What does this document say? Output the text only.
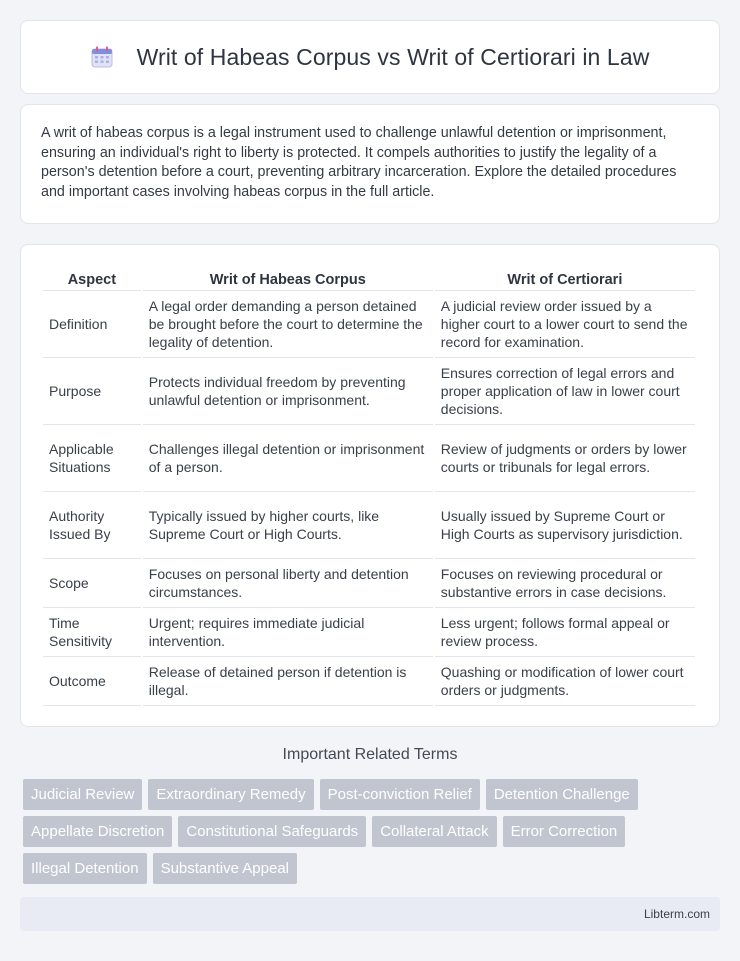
Writ of Habeas Corpus vs Writ of Certiorari in Law

A writ of habeas corpus is a legal instrument used to challenge unlawful detention or imprisonment, ensuring an individual's right to liberty is protected. It compels authorities to justify the legality of a person's detention before a court, preventing arbitrary incarceration. Explore the detailed procedures and important cases involving habeas corpus in the full article.

Aspect	Writ of Habeas Corpus	Writ of Certiorari
Definition	A legal order demanding a person detained be brought before the court to determine the legality of detention.	A judicial review order issued by a higher court to a lower court to send the record for examination.
Purpose	Protects individual freedom by preventing unlawful detention or imprisonment.	Ensures correction of legal errors and proper application of law in lower court decisions.
Applicable Situations	Challenges illegal detention or imprisonment of a person.	Review of judgments or orders by lower courts or tribunals for legal errors.
Authority Issued By	Typically issued by higher courts, like Supreme Court or High Courts.	Usually issued by Supreme Court or High Courts as supervisory jurisdiction.
Scope	Focuses on personal liberty and detention circumstances.	Focuses on reviewing procedural or substantive errors in case decisions.
Time Sensitivity	Urgent; requires immediate judicial intervention.	Less urgent; follows formal appeal or review process.
Outcome	Release of detained person if detention is illegal.	Quashing or modification of lower court orders or judgments.
Important Related Terms
Judicial Review	Extraordinary Remedy	Post-conviction Relief	Detention Challenge
Appellate Discretion	Constitutional Safeguards	Collateral Attack	Error Correction
Illegal Detention	Substantive Appeal
Libterm.com
